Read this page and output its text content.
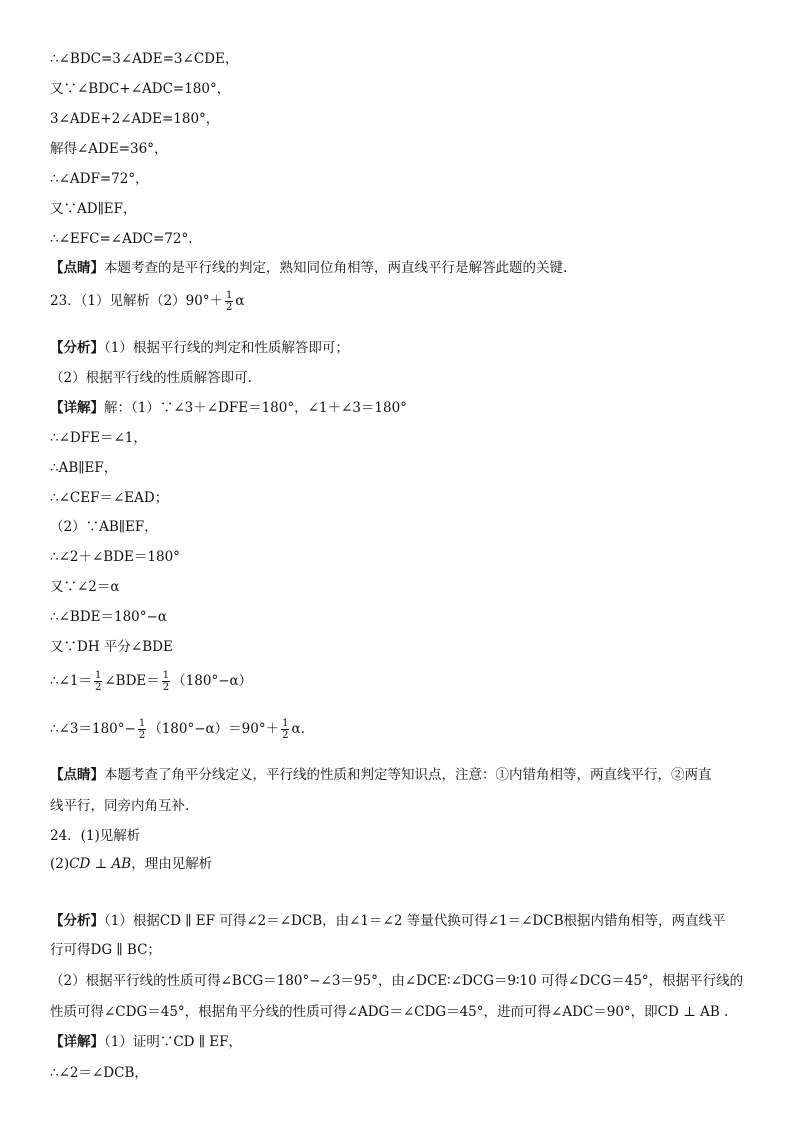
∴∠BDC=3∠ADE=3∠CDE，
又∵∠BDC+∠ADC=180°，
3∠ADE+2∠ADE=180°，
解得∠ADE=36°，
∴∠ADF=72°，
又∵AD∥EF，
∴∠EFC=∠ADC=72°.
【点睛】本题考查的是平行线的判定，熟知同位角相等，两直线平行是解答此题的关键.
23．（1）见解析$(2)90^\circ+ \frac{1}{2}$ α
【分析】（1）根据平行线的判定和性质解答即可；
（2）根据平行线的性质解答即可.
【详解】解：（1）∵∠3＋∠DFE＝180°，∠1＋∠3＝180°
∴∠DFE＝∠1，
∴AB∥EF，
∴∠CEF＝∠EAD；
（2）∵AB∥EF，
∴∠2＋∠BDE＝180°
又∵∠2＝α
∴∠BDE＝180°−α
又∵DH 平分∠BDE
∴∠1＝ $\frac{1}{2}$ ∠BDE＝ $\frac{1}{2} (180^\circ-\alpha)$
∴∠3＝180°− $\frac{1}{2} (180^\circ-\alpha)=90^\circ+ \frac{1}{2} \alpha$.
【点睛】本题考查了角平分线定义，平行线的性质和判定等知识点，注意：①内错角相等，两直线平行，②两直
线平行，同旁内角互补.
24．(1)见解析
(2)CD ⊥ AB，理由见解析
【分析】（1）根据CD ∥ EF 可得∠2＝∠DCB，由∠1＝∠2 等量代换可得∠1＝∠DCB根据内错角相等，两直线平
行可得DG ∥ BC；
（2）根据平行线的性质可得∠BCG＝180°−∠3＝95°，由∠DCE∶∠DCG＝9∶10 可得∠DCG＝45°，根据平行线的
性质可得∠CDG＝45°，根据角平分线的性质可得∠ADG＝∠CDG＝45°，进而可得∠ADC＝90°，即CD ⊥ AB .
【详解】（1）证明∵CD ∥ EF，
∴∠2＝∠DCB，
